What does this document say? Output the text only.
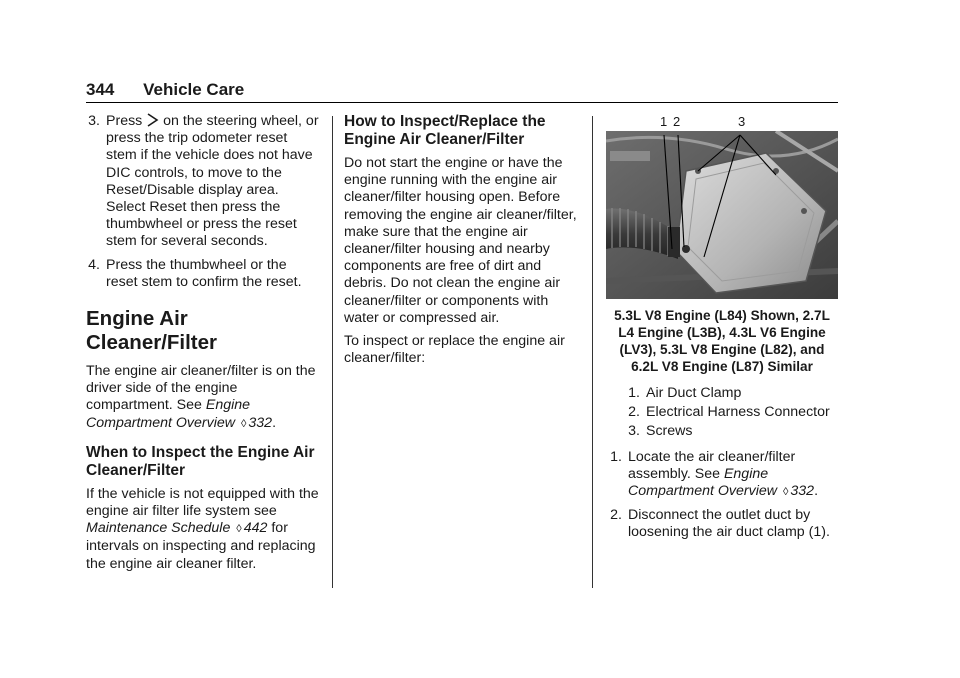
344 Vehicle Care
3. Press on the steering wheel, or press the trip odometer reset stem if the vehicle does not have DIC controls, to move to the Reset/Disable display area. Select Reset then press the thumbwheel or press the reset stem for several seconds.
4. Press the thumbwheel or the reset stem to confirm the reset.
Engine Air Cleaner/Filter

The engine air cleaner/filter is on the driver side of the engine compartment. See Engine Compartment Overview ◊ 332.

When to Inspect the Engine Air Cleaner/Filter

If the vehicle is not equipped with the engine air filter life system see Maintenance Schedule ◊ 442 for intervals on inspecting and replacing the engine air cleaner filter.

How to Inspect/Replace the Engine Air Cleaner/Filter

Do not start the engine or have the engine running with the engine air cleaner/filter housing open. Before removing the engine air cleaner/filter, make sure that the engine air cleaner/filter housing and nearby components are free of dirt and debris. Do not clean the engine air cleaner/filter or components with water or compressed air.

To inspect or replace the engine air cleaner/filter:

1 2	3
5.3L V8 Engine (L84) Shown, 2.7L L4 Engine (L3B), 4.3L V6 Engine (LV3), 5.3L V8 Engine (L82), and 6.2L V8 Engine (L87) Similar
1. Air Duct Clamp
2. Electrical Harness Connector
3. Screws
1. Locate the air cleaner/filter assembly. See Engine Compartment Overview ◊ 332.
2. Disconnect the outlet duct by loosening the air duct clamp (1).
